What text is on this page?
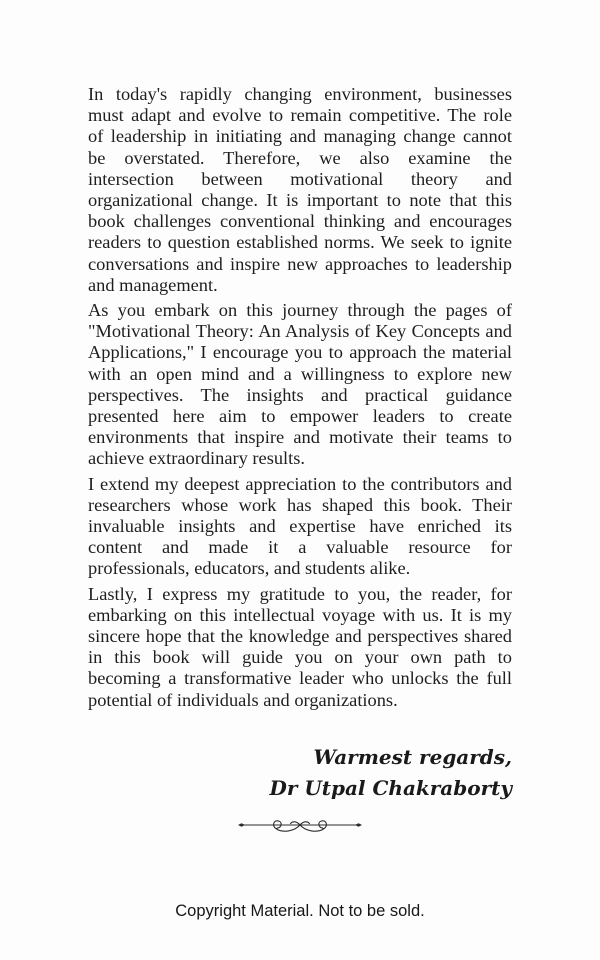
In today's rapidly changing environment, businesses
must adapt and evolve to remain competitive. The role
of leadership in initiating and managing change cannot
be overstated. Therefore, we also examine the
intersection between motivational theory and
organizational change. It is important to note that this
book challenges conventional thinking and encourages
readers to question established norms. We seek to ignite
conversations and inspire new approaches to leadership
and management.

As you embark on this journey through the pages of
"Motivational Theory: An Analysis of Key Concepts and
Applications," I encourage you to approach the material
with an open mind and a willingness to explore new
perspectives. The insights and practical guidance
presented here aim to empower leaders to create
environments that inspire and motivate their teams to
achieve extraordinary results.

I extend my deepest appreciation to the contributors and
researchers whose work has shaped this book. Their
invaluable insights and expertise have enriched its
content and made it a valuable resource for
professionals, educators, and students alike.

Lastly, I express my gratitude to you, the reader, for
embarking on this intellectual voyage with us. It is my
sincere hope that the knowledge and perspectives shared
in this book will guide you on your own path to
becoming a transformative leader who unlocks the full
potential of individuals and organizations.

Warmest regards,
Dr Utpal Chakraborty
Copyright Material. Not to be sold.
